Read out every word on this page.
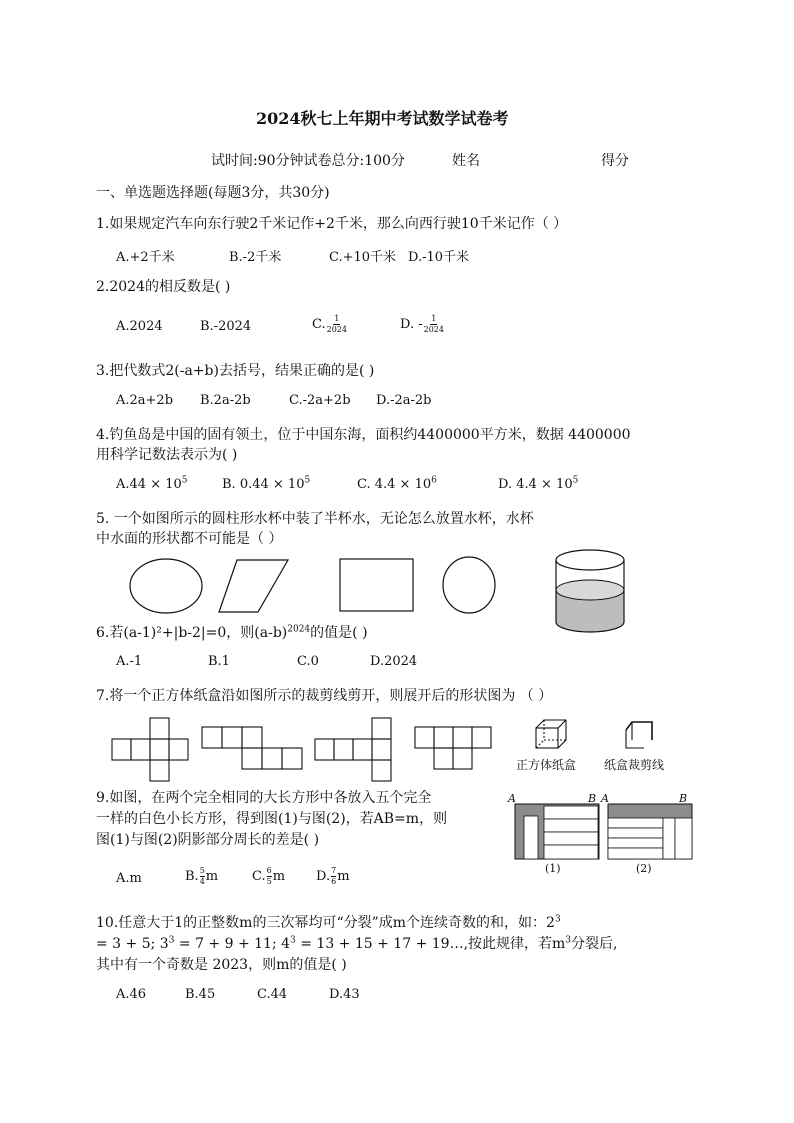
2024秋七上年期中考试数学试卷考
试时间:90分钟试卷总分:100分	姓名	得分
一、单选题选择题(每题3分，共30分)
1.如果规定汽车向东行驶2千米记作+2千米，那么向西行驶10千米记作（ ）
A.+2千米	B.-2千米	C.+10千米 D.-10千米
2.2024的相反数是( )
A.2024	B.-2024	C. $\frac{1}{2024}$	D. - $\frac{1}{2024}$
3.把代数式2(-a+b)去括号，结果正确的是( )
A.2a+2b B.2a-2b	C.-2a+2b D.-2a-2b
4.钓鱼岛是中国的固有领土，位于中国东海，面积约4400000平方米，数据 4400000
用科学记数法表示为( )
$A.44 \times 10^5$	B. $0.44 \times 10^5$	C. $4.4 \times 10^6$	D. $4.4 \times 10^5$
5. 一个如图所示的圆柱形水杯中装了半杯水，无论怎么放置水杯，水杯
中水面的形状都不可能是（ ）
6.若(a-1)²+|b-2|=0，则$(a-b)^{2024}$的值是( )
A.-1	B.1	C.0	D.2024
7.将一个正方体纸盒沿如图所示的裁剪线剪开，则展开后的形状图为 （ ）
正方体纸盒 纸盒裁剪线
9.如图，在两个完全相同的大长方形中各放入五个完全
一样的白色小长方形，得到图(1)与图(2)，若AB=m，则
图(1)与图(2)阴影部分周长的差是( )
A	B A	B
(1)	(2)
A.m	B. $\frac{5}{4}$ m	C. $\frac{6}{5}$ m D. $\frac{7}{6}$ m
10.任意大于1的正整数m的三次幂均可“分裂”成m个连续奇数的和，如：$2^3$
= 3 + 5; $3^3 = 7 + 9 + 11$; $4^3 = 13 + 15 + 17$ + 19…,按此规律，若$m^3$分裂后,
其中有一个奇数是 2023，则m的值是( )
A.46	B.45	C.44	D.43
